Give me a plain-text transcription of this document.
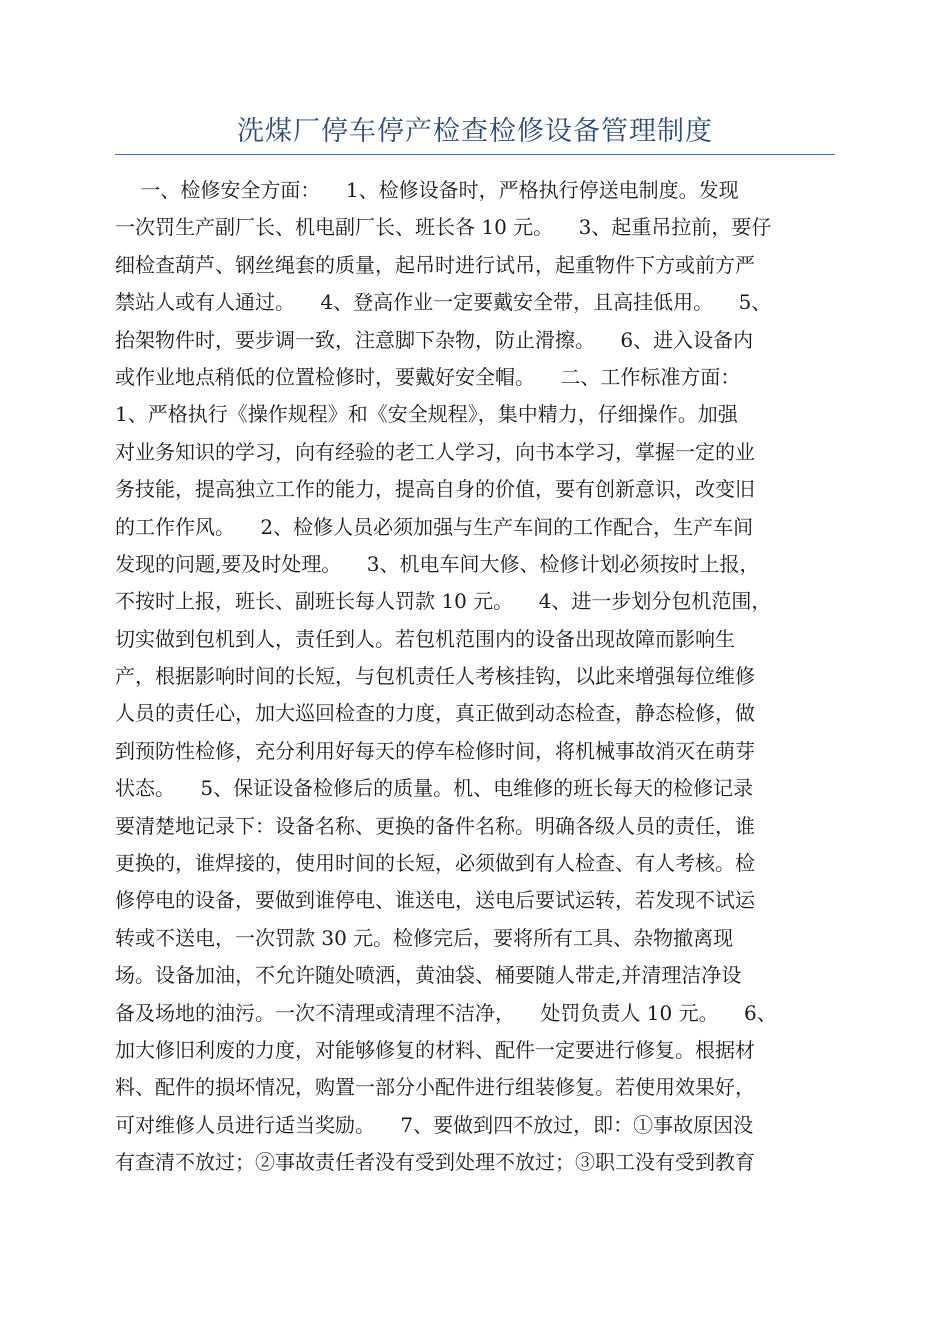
洗煤厂停车停产检查检修设备管理制度
一、检修安全方面：    1、检修设备时，严格执行停送电制度。发现
一次罚生产副厂长、机电副厂长、班长各 10 元。    3、起重吊拉前，要仔
细检查葫芦、钢丝绳套的质量，起吊时进行试吊，起重物件下方或前方严
禁站人或有人通过。    4、登高作业一定要戴安全带，且高挂低用。    5、
抬架物件时，要步调一致，注意脚下杂物，防止滑擦。    6、进入设备内
或作业地点稍低的位置检修时，要戴好安全帽。    二、工作标准方面：
1、严格执行《操作规程》和《安全规程》，集中精力，仔细操作。加强
对业务知识的学习，向有经验的老工人学习，向书本学习，掌握一定的业
务技能，提高独立工作的能力，提高自身的价值，要有创新意识，改变旧
的工作作风。    2、检修人员必须加强与生产车间的工作配合，生产车间
发现的问题,要及时处理。    3、机电车间大修、检修计划必须按时上报，
不按时上报，班长、副班长每人罚款 10 元。    4、进一步划分包机范围，
切实做到包机到人，责任到人。若包机范围内的设备出现故障而影响生
产，根据影响时间的长短，与包机责任人考核挂钩，以此来增强每位维修
人员的责任心，加大巡回检查的力度，真正做到动态检查，静态检修，做
到预防性检修，充分利用好每天的停车检修时间，将机械事故消灭在萌芽
状态。    5、保证设备检修后的质量。机、电维修的班长每天的检修记录
要清楚地记录下：设备名称、更换的备件名称。明确各级人员的责任，谁
更换的，谁焊接的，使用时间的长短，必须做到有人检查、有人考核。检
修停电的设备，要做到谁停电、谁送电，送电后要试运转，若发现不试运
转或不送电，一次罚款 30 元。检修完后，要将所有工具、杂物撤离现
场。设备加油，不允许随处喷洒，黄油袋、桶要随人带走,并清理洁净设
备及场地的油污。一次不清理或清理不洁净，    处罚负责人 10 元。    6、
加大修旧利废的力度，对能够修复的材料、配件一定要进行修复。根据材
料、配件的损坏情况，购置一部分小配件进行组装修复。若使用效果好，
可对维修人员进行适当奖励。    7、要做到四不放过，即：①事故原因没
有查清不放过；②事故责任者没有受到处理不放过；③职工没有受到教育
